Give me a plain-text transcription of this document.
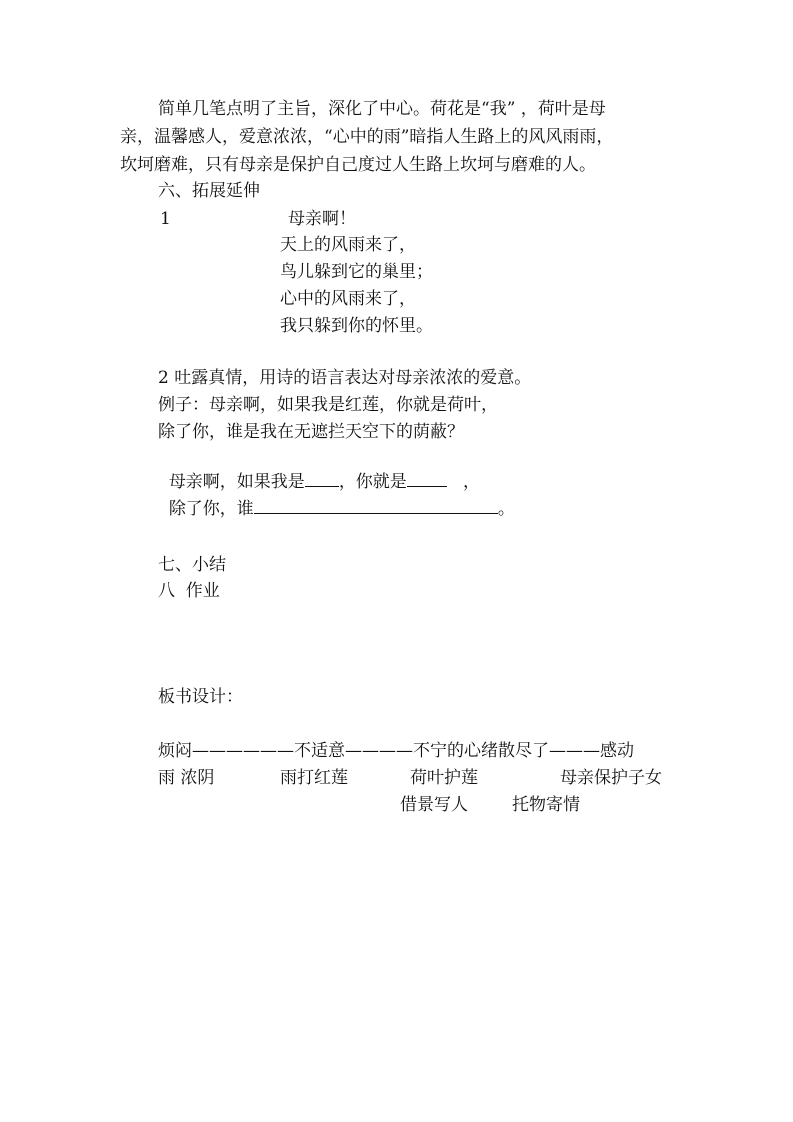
简单几笔点明了主旨，深化了中心。荷花是“我” ，荷叶是母
亲，温馨感人，爱意浓浓，“心中的雨”暗指人生路上的风风雨雨，
坎坷磨难，只有母亲是保护自己度过人生路上坎坷与磨难的人。
六、拓展延伸
1	母亲啊！
天上的风雨来了，
鸟儿躲到它的巢里；
心中的风雨来了，
我只躲到你的怀里。
2 吐露真情，用诗的语言表达对母亲浓浓的爱意。
例子：母亲啊，如果我是红莲，你就是荷叶，
除了你，谁是我在无遮拦天空下的荫蔽？

母亲啊，如果我是 ，你就是   ，

除了你，谁	。

七、小结
八  作业
板书设计：
烦闷——————不适意————不宁的心绪散尽了———感动
雨 浓阴	雨打红莲	荷叶护莲	母亲保护子女
借景写人	托物寄情
